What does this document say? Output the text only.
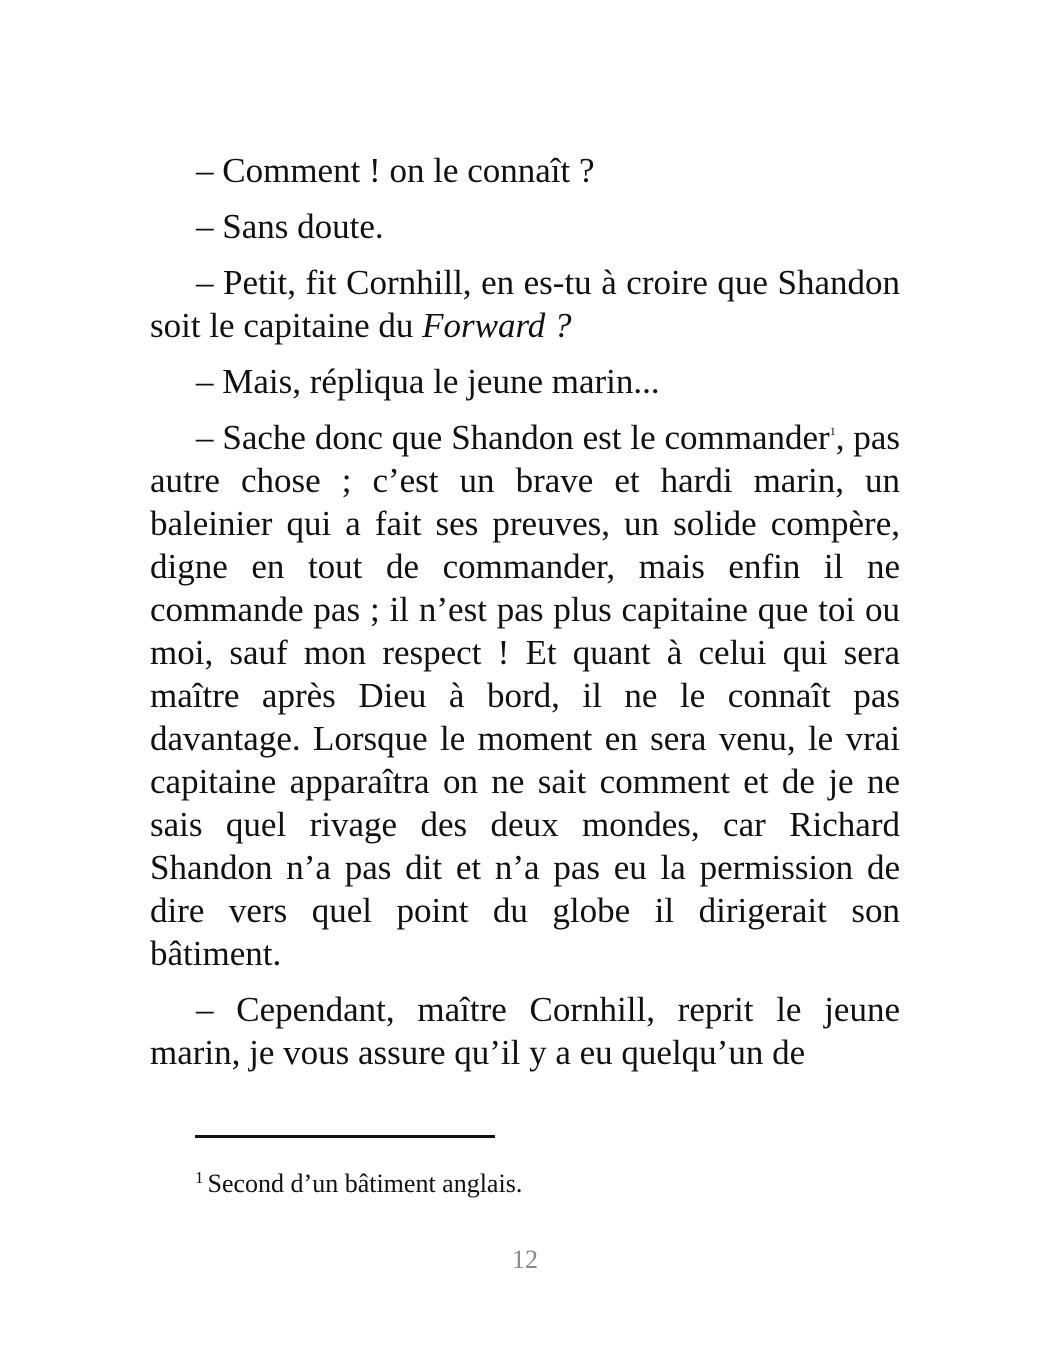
– Comment ! on le connaît ?

– Sans doute.

– Petit, fit Cornhill, en es-tu à croire que Shandon soit le capitaine du Forward ?

– Mais, répliqua le jeune marin...

– Sache donc que Shandon est le commander$^1$, pas autre chose ; c’est un brave et hardi marin, un baleinier qui a fait ses preuves, un solide compère, digne en tout de commander, mais enfin il ne commande pas ; il n’est pas plus capitaine que toi ou moi, sauf mon respect ! Et quant à celui qui sera maître après Dieu à bord, il ne le connaît pas davantage. Lorsque le moment en sera venu, le vrai capitaine apparaîtra on ne sait comment et de je ne sais quel rivage des deux mondes, car Richard Shandon n’a pas dit et n’a pas eu la permission de dire vers quel point du globe il dirigerait son bâtiment.

– Cependant, maître Cornhill, reprit le jeune marin, je vous assure qu’il y a eu quelqu’un de

$^1$ Second d’un bâtiment anglais.
12
